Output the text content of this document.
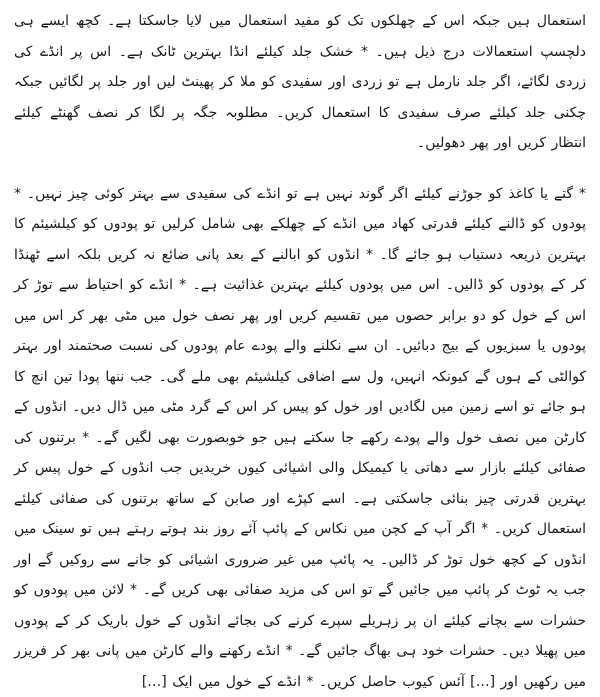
استعمال ہیں جبکہ اس کے چھلکوں تک کو مفید استعمال میں لایا جاسکتا ہے۔ کچھ ایسے ہی دلچسپ استعمالات درج ذیل ہیں۔ * خشک جلد کیلئے انڈا بہترین ٹانک ہے۔ اس پر انڈے کی زردی لگائے، اگر جلد نارمل ہے تو زردی اور سفیدی کو ملا کر پھینٹ لیں اور جلد پر لگائیں جبکہ چکنی جلد کیلئے صرف سفیدی کا استعمال کریں۔ مطلوبہ جگہ پر لگا کر نصف گھنٹے کیلئے انتظار کریں اور پھر دھولیں۔

* گتے یا کاغذ کو جوڑنے کیلئے اگر گوند نہیں ہے تو انڈے کی سفیدی سے بہتر کوئی چیز نہیں۔ * پودوں کو ڈالنے کیلئے قدرتی کھاد میں انڈے کے چھلکے بھی شامل کرلیں تو پودوں کو کیلشیئم کا بہترین ذریعہ دستیاب ہو جائے گا۔ * انڈوں کو ابالنے کے بعد پانی ضائع نہ کریں بلکہ اسے ٹھنڈا کر کے پودوں کو ڈالیں۔ اس میں پودوں کیلئے بہترین غذائیت ہے۔ * انڈے کو احتیاط سے توڑ کر اس کے خول کو دو برابر حصوں میں تقسیم کریں اور پھر نصف خول میں مٹی بھر کر اس میں پودوں یا سبزیوں کے بیج دبائیں۔ ان سے نکلنے والے پودے عام پودوں کی نسبت صحتمند اور بہتر کوالٹی کے ہوں گے کیونکہ انہیں، ول سے اضافی کیلشیئم بھی ملے گی۔ جب ننھا پودا تین انچ کا ہو جائے تو اسے زمین میں لگادیں اور خول کو پیس کر اس کے گرد مٹی میں ڈال دیں۔ انڈوں کے کارٹن میں نصف خول والے پودے رکھے جا سکتے ہیں جو خوبصورت بھی لگیں گے۔ * برتنوں کی صفائی کیلئے بازار سے دھاتی یا کیمیکل والی اشیائی کیوں خریدیں جب انڈوں کے خول پیس کر بہترین قدرتی چیز بنائی جاسکتی ہے۔ اسے کپڑے اور صابن کے ساتھ برتنوں کی صفائی کیلئے استعمال کریں۔ * اگر آپ کے کچن میں نکاس کے پائپ آئے روز بند ہوتے رہتے ہیں تو سینک میں انڈوں کے کچھ خول توڑ کر ڈالیں۔ یہ پائپ میں غیر ضروری اشیائی کو جانے سے روکیں گے اور جب یہ ٹوٹ کر پائپ میں جائیں گے تو اس کی مزید صفائی بھی کریں گے۔ * لائن میں پودوں کو حشرات سے بچانے کیلئے ان پر زہریلے سپرے کرنے کی بجائے انڈوں کے خول باریک کر کے پودوں میں پھیلا دیں۔ حشرات خود ہی بھاگ جائیں گے۔ * انڈے رکھنے والے کارٹن میں پانی بھر کر فریزر میں رکھیں اور […] آئس کیوب حاصل کریں۔ * انڈے کے خول میں ایک […]
